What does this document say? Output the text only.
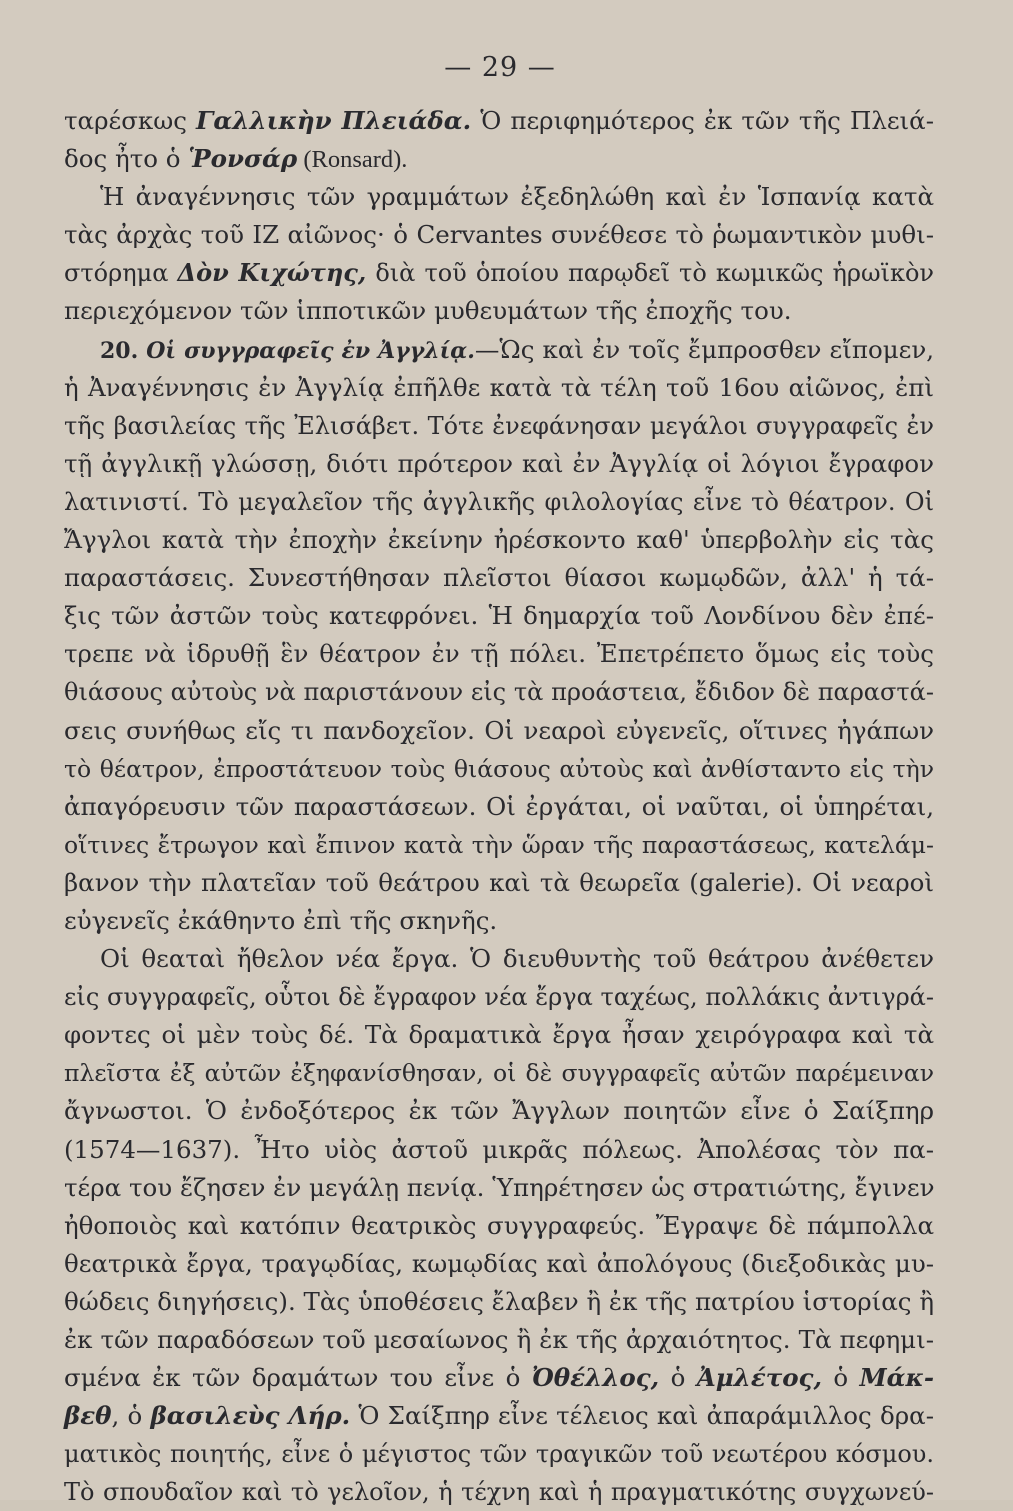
— 29 —
ταρέσκως Γαλλικὴν Πλειάδα. Ὁ περιφημότερος ἐκ τῶν τῆς Πλειά-
δος ἦτο ὁ Ῥονσάρ (Ronsard).
Ἡ ἀναγέννησις τῶν γραμμάτων ἐξεδηλώθη καὶ ἐν Ἱσπανίᾳ κατὰ
τὰς ἀρχὰς τοῦ ΙΖ αἰῶνος· ὁ Cervantes συνέθεσε τὸ ῥωμαντικὸν μυθι-
στόρημα Δὸν Κιχώτης, διὰ τοῦ ὁποίου παρῳδεῖ τὸ κωμικῶς ἡρωϊκὸν
περιεχόμενον τῶν ἱπποτικῶν μυθευμάτων τῆς ἐποχῆς του.
20. Οἱ συγγραφεῖς ἐν Ἀγγλίᾳ.—Ὡς καὶ ἐν τοῖς ἔμπροσθεν εἴπομεν,
ἡ Ἀναγέννησις ἐν Ἀγγλίᾳ ἐπῆλθε κατὰ τὰ τέλη τοῦ 16ου αἰῶνος, ἐπὶ
τῆς βασιλείας τῆς Ἐλισάβετ. Τότε ἐνεφάνησαν μεγάλοι συγγραφεῖς ἐν
τῇ ἀγγλικῇ γλώσσῃ, διότι πρότερον καὶ ἐν Ἀγγλίᾳ οἱ λόγιοι ἔγραφον
λατινιστί. Τὸ μεγαλεῖον τῆς ἀγγλικῆς φιλολογίας εἶνε τὸ θέατρον. Οἱ
Ἄγγλοι κατὰ τὴν ἐποχὴν ἐκείνην ἠρέσκοντο καθ' ὑπερβολὴν εἰς τὰς
παραστάσεις. Συνεστήθησαν πλεῖστοι θίασοι κωμῳδῶν, ἀλλ' ἡ τά-
ξις τῶν ἀστῶν τοὺς κατεφρόνει. Ἡ δημαρχία τοῦ Λονδίνου δὲν ἐπέ-
τρεπε νὰ ἱδρυθῇ ἓν θέατρον ἐν τῇ πόλει. Ἐπετρέπετο ὅμως εἰς τοὺς
θιάσους αὐτοὺς νὰ παριστάνουν εἰς τὰ προάστεια, ἔδιδον δὲ παραστά-
σεις συνήθως εἴς τι πανδοχεῖον. Οἱ νεαροὶ εὐγενεῖς, οἵτινες ἠγάπων
τὸ θέατρον, ἐπροστάτευον τοὺς θιάσους αὐτοὺς καὶ ἀνθίσταντο εἰς τὴν
ἀπαγόρευσιν τῶν παραστάσεων. Οἱ ἐργάται, οἱ ναῦται, οἱ ὑπηρέται,
οἵτινες ἔτρωγον καὶ ἔπινον κατὰ τὴν ὥραν τῆς παραστάσεως, κατελάμ-
βανον τὴν πλατεῖαν τοῦ θεάτρου καὶ τὰ θεωρεῖα (galerie). Οἱ νεαροὶ
εὐγενεῖς ἐκάθηντο ἐπὶ τῆς σκηνῆς.
Οἱ θεαταὶ ἤθελον νέα ἔργα. Ὁ διευθυντὴς τοῦ θεάτρου ἀνέθετεν
εἰς συγγραφεῖς, οὗτοι δὲ ἔγραφον νέα ἔργα ταχέως, πολλάκις ἀντιγρά-
φοντες οἱ μὲν τοὺς δέ. Τὰ δραματικὰ ἔργα ἦσαν χειρόγραφα καὶ τὰ
πλεῖστα ἐξ αὐτῶν ἐξηφανίσθησαν, οἱ δὲ συγγραφεῖς αὐτῶν παρέμειναν
ἄγνωστοι. Ὁ ἐνδοξότερος ἐκ τῶν Ἄγγλων ποιητῶν εἶνε ὁ Σαίξπηρ
(1574—1637). Ἦτο υἱὸς ἀστοῦ μικρᾶς πόλεως. Ἀπολέσας τὸν πα-
τέρα του ἔζησεν ἐν μεγάλῃ πενίᾳ. Ὑπηρέτησεν ὡς στρατιώτης, ἔγινεν
ἠθοποιὸς καὶ κατόπιν θεατρικὸς συγγραφεύς. Ἔγραψε δὲ πάμπολλα
θεατρικὰ ἔργα, τραγῳδίας, κωμῳδίας καὶ ἀπολόγους (διεξοδικὰς μυ-
θώδεις διηγήσεις). Τὰς ὑποθέσεις ἔλαβεν ἢ ἐκ τῆς πατρίου ἱστορίας ἢ
ἐκ τῶν παραδόσεων τοῦ μεσαίωνος ἢ ἐκ τῆς ἀρχαιότητος. Τὰ πεφημι-
σμένα ἐκ τῶν δραμάτων του εἶνε ὁ Ὀθέλλος, ὁ Ἀμλέτος, ὁ Μάκ-
βεθ, ὁ βασιλεὺς Λήρ. Ὁ Σαίξπηρ εἶνε τέλειος καὶ ἀπαράμιλλος δρα-
ματικὸς ποιητής, εἶνε ὁ μέγιστος τῶν τραγικῶν τοῦ νεωτέρου κόσμου.
Τὸ σπουδαῖον καὶ τὸ γελοῖον, ἡ τέχνη καὶ ἡ πραγματικότης συγχωνεύ-
